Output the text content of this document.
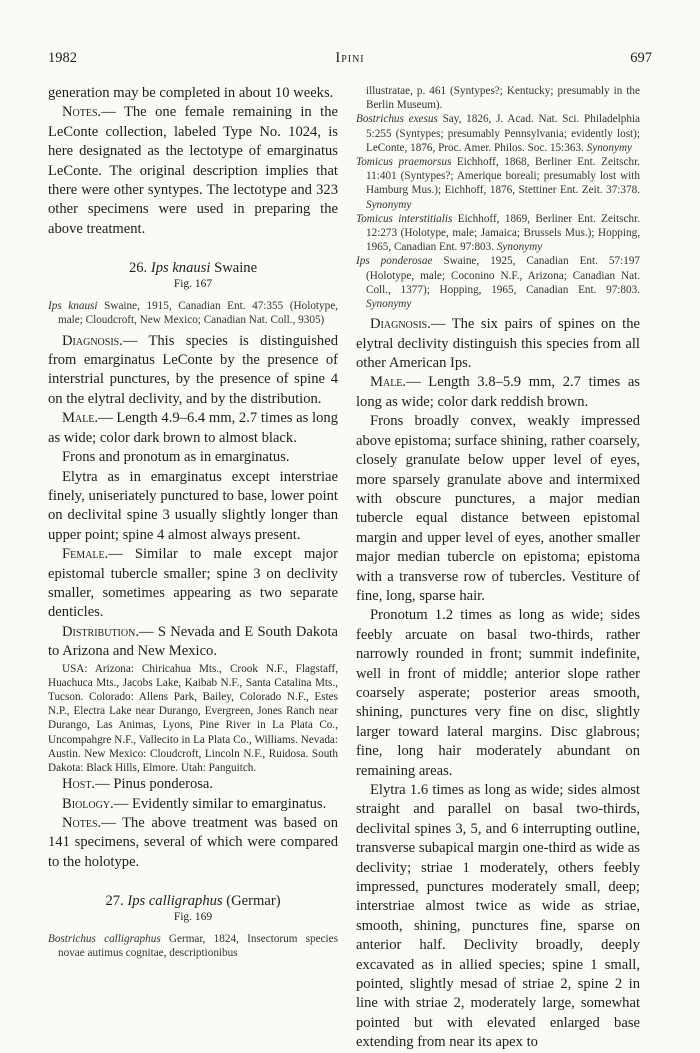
1982	Ipini	697

generation may be completed in about 10 weeks.

Notes.— The one female remaining in the LeConte collection, labeled Type No. 1024, is here designated as the lectotype of emarginatus LeConte. The original description implies that there were other syntypes. The lectotype and 323 other specimens were used in preparing the above treatment.

26. Ips knausi Swaine
Fig. 167

Ips knausi Swaine, 1915, Canadian Ent. 47:355 (Holotype, male; Cloudcroft, New Mexico; Canadian Nat. Coll., 9305)

Diagnosis.— This species is distinguished from emarginatus LeConte by the presence of interstrial punctures, by the presence of spine 4 on the elytral declivity, and by the distribution.

Male.— Length 4.9–6.4 mm, 2.7 times as long as wide; color dark brown to almost black.

Frons and pronotum as in emarginatus.

Elytra as in emarginatus except interstriae finely, uniseriately punctured to base, lower point on declivital spine 3 usually slightly longer than upper point; spine 4 almost always present.

Female.— Similar to male except major epistomal tubercle smaller; spine 3 on declivity smaller, sometimes appearing as two separate denticles.

Distribution.— S Nevada and E South Dakota to Arizona and New Mexico.

USA: Arizona: Chiricahua Mts., Crook N.F., Flagstaff, Huachuca Mts., Jacobs Lake, Kaibab N.F., Santa Catalina Mts., Tucson. Colorado: Allens Park, Bailey, Colorado N.F., Estes N.P., Electra Lake near Durango, Evergreen, Jones Ranch near Durango, Las Animas, Lyons, Pine River in La Plata Co., Uncompahgre N.F., Vallecito in La Plata Co., Williams. Nevada: Austin. New Mexico: Cloudcroft, Lincoln N.F., Ruidosa. South Dakota: Black Hills, Elmore. Utah: Panguitch.

Host.— Pinus ponderosa.

Biology.— Evidently similar to emarginatus.

Notes.— The above treatment was based on 141 specimens, several of which were compared to the holotype.

27. Ips calligraphus (Germar)
Fig. 169

Bostrichus calligraphus Germar, 1824, Insectorum species novae autimus cognitae, descriptionibus

illustratae, p. 461 (Syntypes?; Kentucky; presumably in the Berlin Museum).

Bostrichus exesus Say, 1826, J. Acad. Nat. Sci. Philadelphia 5:255 (Syntypes; presumably Pennsylvania; evidently lost); LeConte, 1876, Proc. Amer. Philos. Soc. 15:363. Synonymy

Tomicus praemorsus Eichhoff, 1868, Berliner Ent. Zeitschr. 11:401 (Syntypes?; Amerique boreali; presumably lost with Hamburg Mus.); Eichhoff, 1876, Stettiner Ent. Zeit. 37:378. Synonymy

Tomicus interstitialis Eichhoff, 1869, Berliner Ent. Zeitschr. 12:273 (Holotype, male; Jamaica; Brussels Mus.); Hopping, 1965, Canadian Ent. 97:803. Synonymy

Ips ponderosae Swaine, 1925, Canadian Ent. 57:197 (Holotype, male; Coconino N.F., Arizona; Canadian Nat. Coll., 1377); Hopping, 1965, Canadian Ent. 97:803. Synonymy

Diagnosis.— The six pairs of spines on the elytral declivity distinguish this species from all other American Ips.

Male.— Length 3.8–5.9 mm, 2.7 times as long as wide; color dark reddish brown.

Frons broadly convex, weakly impressed above epistoma; surface shining, rather coarsely, closely granulate below upper level of eyes, more sparsely granulate above and intermixed with obscure punctures, a major median tubercle equal distance between epistomal margin and upper level of eyes, another smaller major median tubercle on epistoma; epistoma with a transverse row of tubercles. Vestiture of fine, long, sparse hair.

Pronotum 1.2 times as long as wide; sides feebly arcuate on basal two-thirds, rather narrowly rounded in front; summit indefinite, well in front of middle; anterior slope rather coarsely asperate; posterior areas smooth, shining, punctures very fine on disc, slightly larger toward lateral margins. Disc glabrous; fine, long hair moderately abundant on remaining areas.

Elytra 1.6 times as long as wide; sides almost straight and parallel on basal two-thirds, declivital spines 3, 5, and 6 interrupting outline, transverse subapical margin one-third as wide as declivity; striae 1 moderately, others feebly impressed, punctures moderately small, deep; interstriae almost twice as wide as striae, smooth, shining, punctures fine, sparse on anterior half. Declivity broadly, deeply excavated as in allied species; spine 1 small, pointed, slightly mesad of striae 2, spine 2 in line with striae 2, moderately large, somewhat pointed but with elevated enlarged base extending from near its apex to
